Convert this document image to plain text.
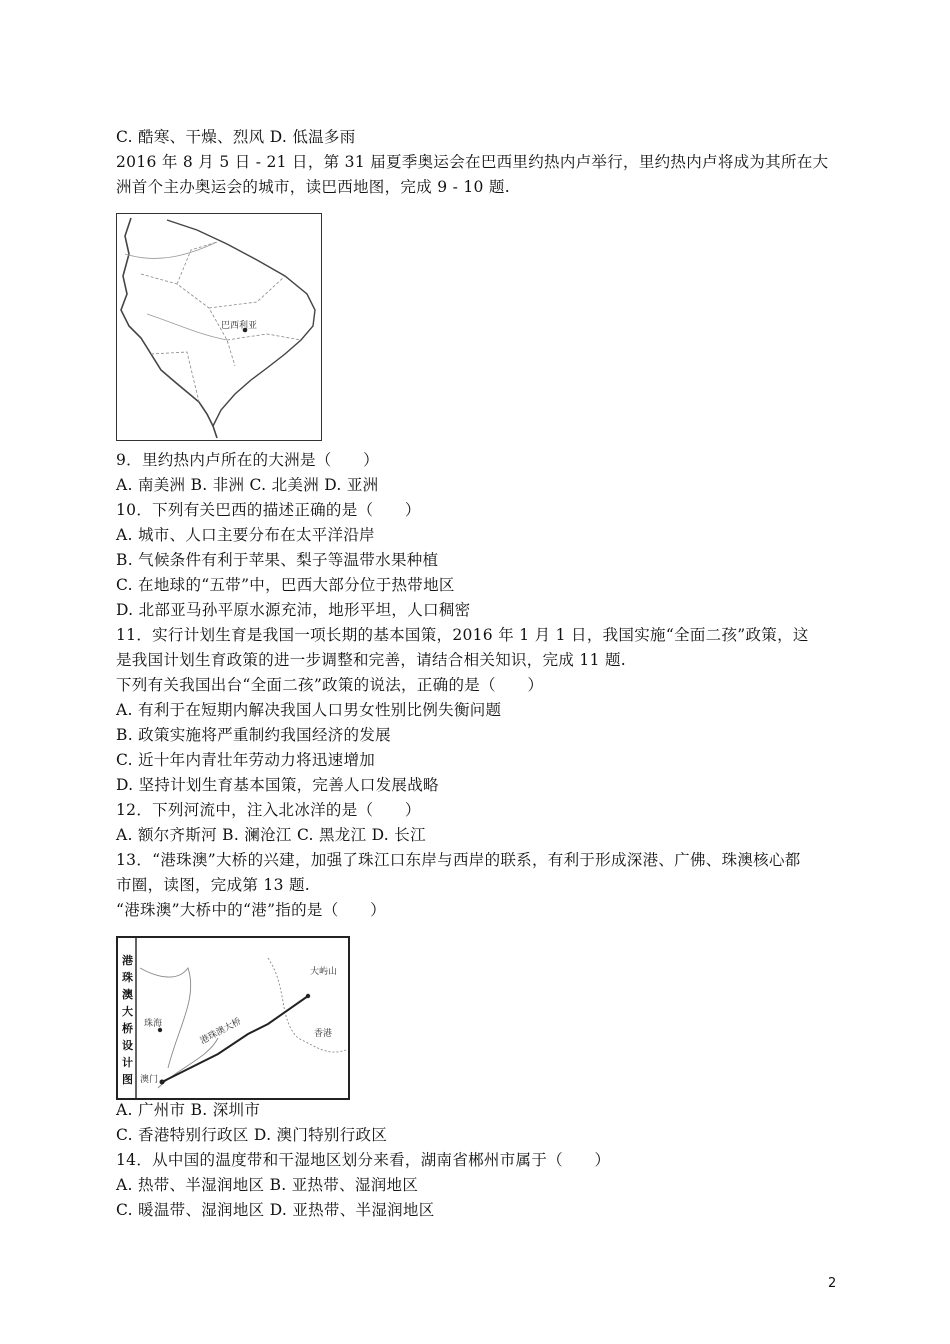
C. 酷寒、干燥、烈风 D. 低温多雨
2016 年 8 月 5 日 - 21 日，第 31 届夏季奥运会在巴西里约热内卢举行，里约热内卢将成为其所在大
洲首个主办奥运会的城市，读巴西地图，完成 9 - 10 题.
巴西利亚
9．里约热内卢所在的大洲是（　　）
A. 南美洲 B. 非洲 C. 北美洲 D. 亚洲
10．下列有关巴西的描述正确的是（　　）
A. 城市、人口主要分布在太平洋沿岸
B. 气候条件有利于苹果、梨子等温带水果种植
C. 在地球的“五带”中，巴西大部分位于热带地区
D. 北部亚马孙平原水源充沛，地形平坦，人口稠密
11．实行计划生育是我国一项长期的基本国策，2016 年 1 月 1 日，我国实施“全面二孩”政策，这
是我国计划生育政策的进一步调整和完善，请结合相关知识，完成 11 题.
下列有关我国出台“全面二孩”政策的说法，正确的是（　　）
A. 有利于在短期内解决我国人口男女性别比例失衡问题
B. 政策实施将严重制约我国经济的发展
C. 近十年内青壮年劳动力将迅速增加
D. 坚持计划生育基本国策，完善人口发展战略
12．下列河流中，注入北冰洋的是（　　）
A. 额尔齐斯河 B. 澜沧江 C. 黑龙江 D. 长江
13．“港珠澳”大桥的兴建，加强了珠江口东岸与西岸的联系，有利于形成深港、广佛、珠澳核心都
市圈，读图，完成第 13 题.
“港珠澳”大桥中的“港”指的是（　　）
港
珠
澳
大
桥
设
计
图
珠海	港珠澳大桥
大屿山
香港
澳门
A. 广州市 B. 深圳市
C. 香港特别行政区 D. 澳门特别行政区
14．从中国的温度带和干湿地区划分来看，湖南省郴州市属于（　　）
A. 热带、半湿润地区 B. 亚热带、湿润地区
C. 暖温带、湿润地区 D. 亚热带、半湿润地区
2
